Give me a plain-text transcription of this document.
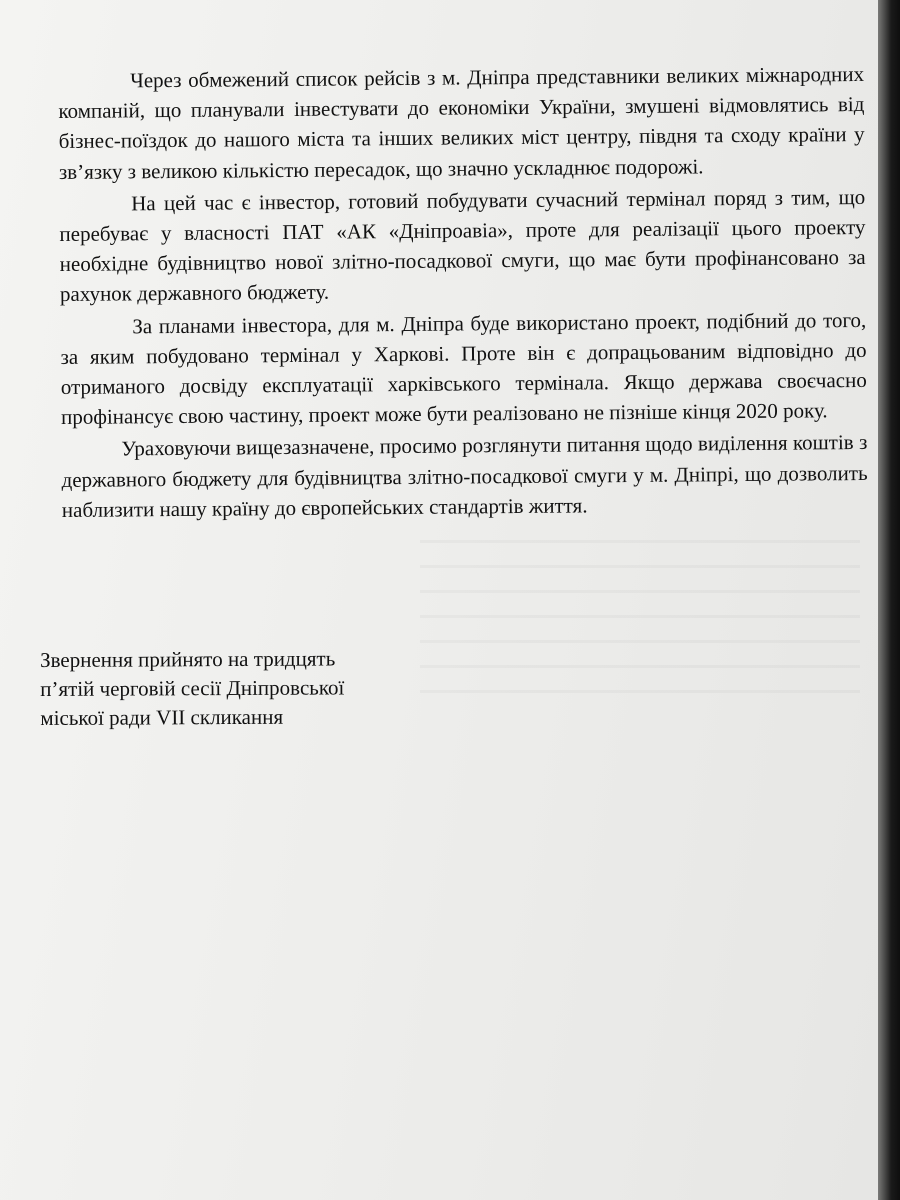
Через обмежений список рейсів з м. Дніпра представники великих міжнародних компаній, що планували інвестувати до економіки України, змушені відмовлятись від бізнес-поїздок до нашого міста та інших великих міст центру, півдня та сходу країни у зв’язку з великою кількістю пересадок, що значно ускладнює подорожі.

На цей час є інвестор, готовий побудувати сучасний термінал поряд з тим, що перебуває у власності ПАТ «АК «Дніпроавіа», проте для реалізації цього проекту необхідне будівництво нової злітно-посадкової смуги, що має бути профінансовано за рахунок державного бюджету.

За планами інвестора, для м. Дніпра буде використано проект, подібний до того, за яким побудовано термінал у Харкові. Проте він є допрацьованим відповідно до отриманого досвіду експлуатації харківського термінала. Якщо держава своєчасно профінансує свою частину, проект може бути реалізовано не пізніше кінця 2020 року.

Ураховуючи вищезазначене, просимо розглянути питання щодо виділення коштів з державного бюджету для будівництва злітно-посадкової смуги у м. Дніпрі, що дозволить наблизити нашу країну до європейських стандартів життя.

Звернення прийнято на тридцять
п’ятій черговій сесії Дніпровської
міської ради VII скликання
